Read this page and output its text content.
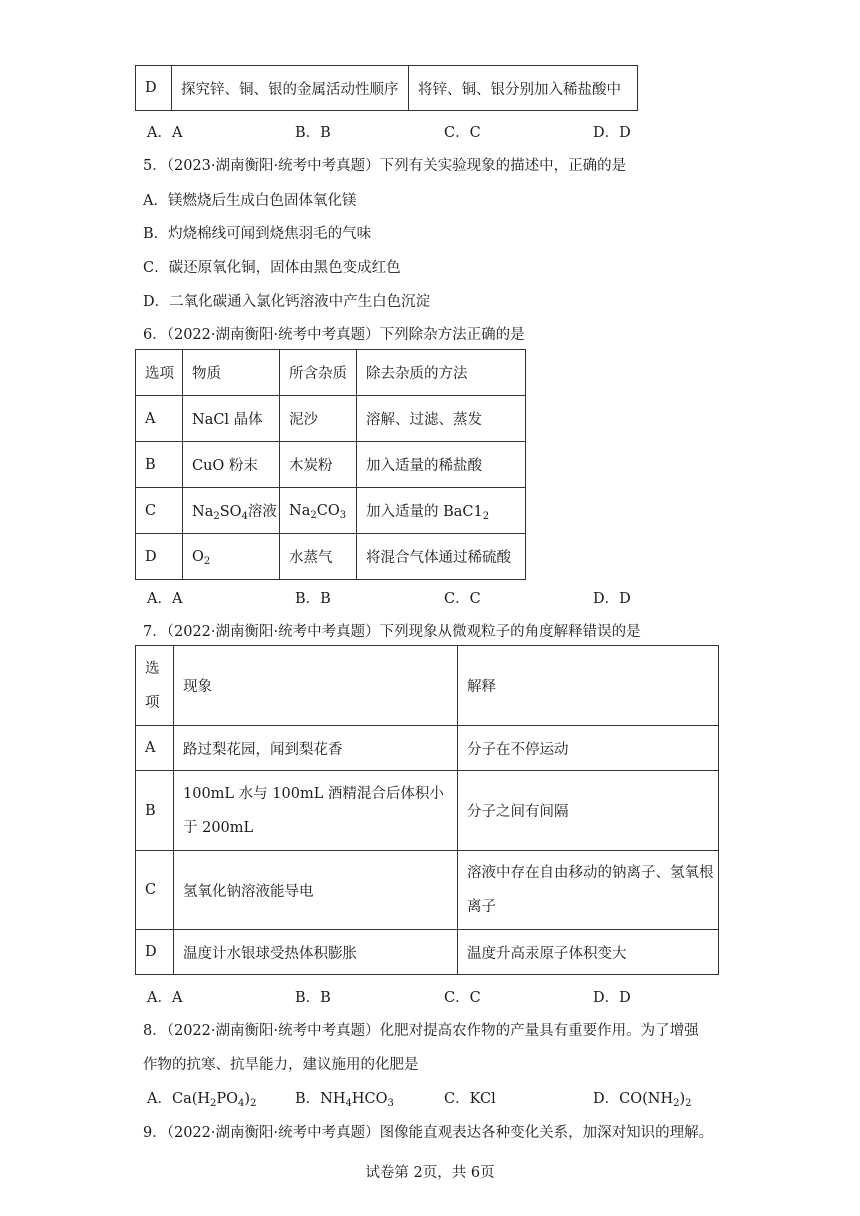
D	探究锌、铜、银的金属活动性顺序	将锌、铜、银分别加入稀盐酸中
A．A	B．B	C．C	D．D
5．（2023·湖南衡阳·统考中考真题）下列有关实验现象的描述中，正确的是
A．镁燃烧后生成白色固体氧化镁
B．灼烧棉线可闻到烧焦羽毛的气味
C．碳还原氧化铜，固体由黑色变成红色
D．二氧化碳通入氯化钙溶液中产生白色沉淀
6．（2022·湖南衡阳·统考中考真题）下列除杂方法正确的是
选项	物质	所含杂质	除去杂质的方法
A	NaCl 晶体	泥沙	溶解、过滤、蒸发
B	CuO 粉末	木炭粉	加入适量的稀盐酸
C	$Na_2SO_4$溶液	$Na_2CO_3$	加入适量的 $BaC1_2$
D	$O_2$	水蒸气	将混合气体通过稀硫酸
A．A	B．B	C．C	D．D
7．（2022·湖南衡阳·统考中考真题）下列现象从微观粒子的角度解释错误的是
选项	现象	解释
A	路过梨花园，闻到梨花香	分子在不停运动
B	100mL 水与 100mL 酒精混合后体积小于 200mL	分子之间有间隔
C	氢氧化钠溶液能导电	溶液中存在自由移动的钠离子、氢氧根离子
D	温度计水银球受热体积膨胀	温度升高汞原子体积变大
A．A	B．B	C．C	D．D
8．（2022·湖南衡阳·统考中考真题）化肥对提高农作物的产量具有重要作用。为了增强
作物的抗寒、抗旱能力，建议施用的化肥是
A．$Ca(H_2PO_4)_2$	B．$NH_4HCO_3$	C．KCl	D．$CO(NH_2)_2$
9．（2022·湖南衡阳·统考中考真题）图像能直观表达各种变化关系，加深对知识的理解。
试卷第 2页，共 6页
